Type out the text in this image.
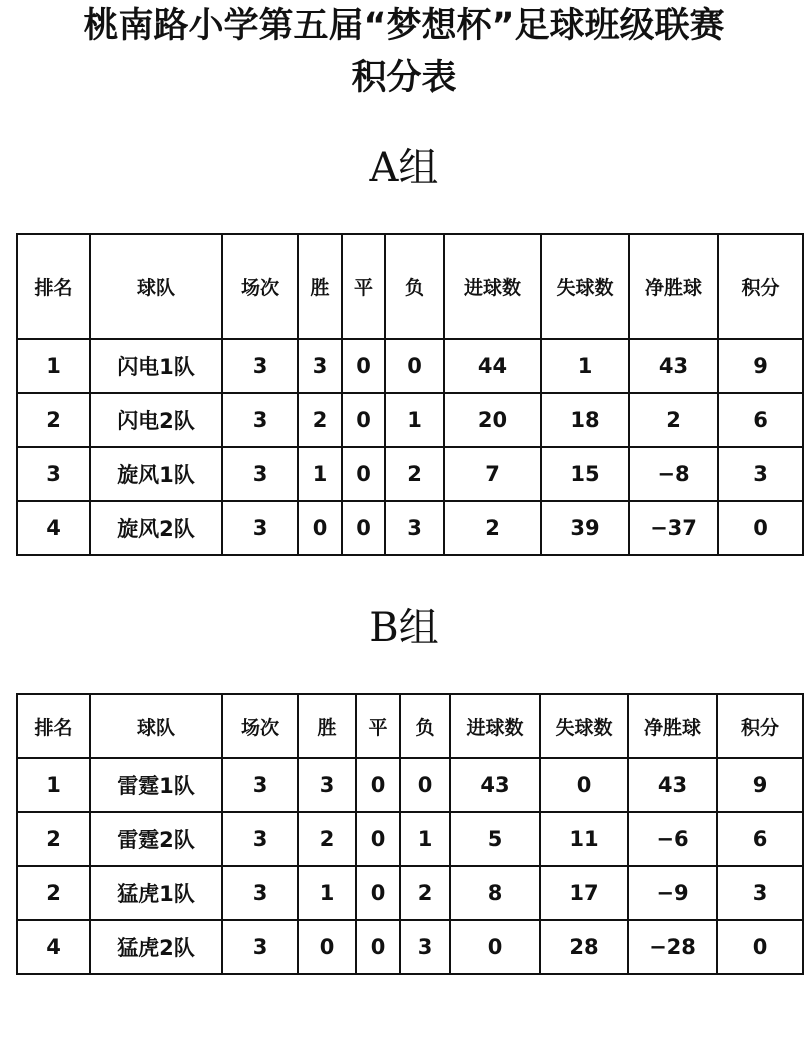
桃南路小学第五届“梦想杯”足球班级联赛
积分表
A组
排名	球队	场次	胜	平	负	进球数	失球数	净胜球	积分
1	闪电1队	3	3	0	0	44	1	43	9
2	闪电2队	3	2	0	1	20	18	2	6
3	旋风1队	3	1	0	2	7	15	−8	3
4	旋风2队	3	0	0	3	2	39	−37	0
B组
排名	球队	场次	胜	平	负	进球数	失球数	净胜球	积分
1	雷霆1队	3	3	0	0	43	0	43	9
2	雷霆2队	3	2	0	1	5	11	−6	6
2	猛虎1队	3	1	0	2	8	17	−9	3
4	猛虎2队	3	0	0	3	0	28	−28	0
